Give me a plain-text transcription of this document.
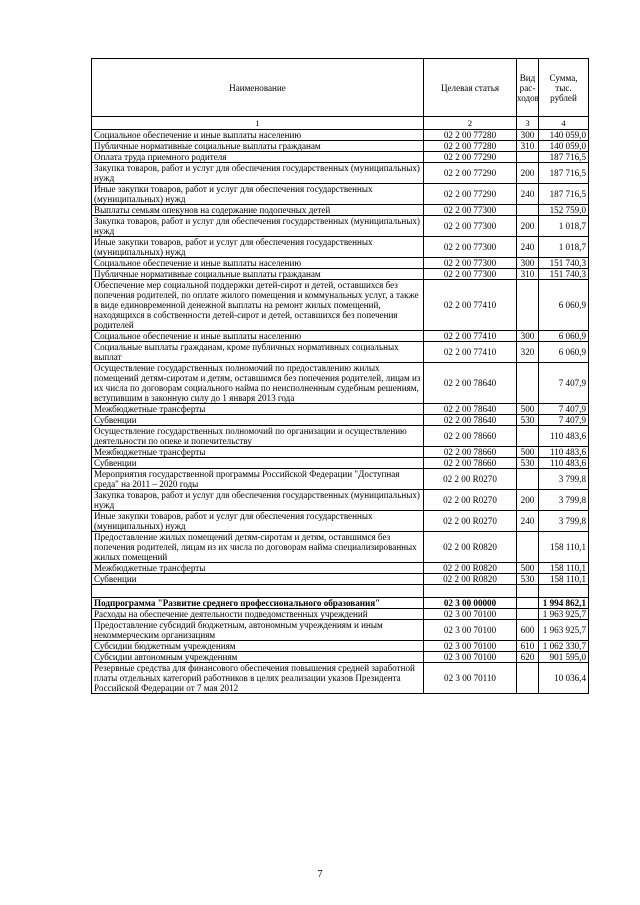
Наименование	Целевая статья	Вид рас-ходов	Сумма, тыс. рублей
1	2	3	4
Социальное обеспечение и иные выплаты населению	02 2 00 77280	300	140 059,0
Публичные нормативные социальные выплаты гражданам	02 2 00 77280	310	140 059,0
Оплата труда приемного родителя	02 2 00 77290		187 716,5
Закупка товаров, работ и услуг для обеспечения государственных (муниципальных) нужд	02 2 00 77290	200	187 716,5
Иные закупки товаров, работ и услуг для обеспечения государственных (муниципальных) нужд	02 2 00 77290	240	187 716,5
Выплаты семьям опекунов на содержание подопечных детей	02 2 00 77300		152 759,0
Закупка товаров, работ и услуг для обеспечения государственных (муниципальных) нужд	02 2 00 77300	200	1 018,7
Иные закупки товаров, работ и услуг для обеспечения государственных (муниципальных) нужд	02 2 00 77300	240	1 018,7
Социальное обеспечение и иные выплаты населению	02 2 00 77300	300	151 740,3
Публичные нормативные социальные выплаты гражданам	02 2 00 77300	310	151 740,3
Обеспечение мер социальной поддержки детей-сирот и детей, оставшихся без попечения родителей, по оплате жилого помещения и коммунальных услуг, а также в виде единовременной денежной выплаты на ремонт жилых помещений, находящихся в собственности детей-сирот и детей, оставшихся без попечения родителей	02 2 00 77410		6 060,9
Социальное обеспечение и иные выплаты населению	02 2 00 77410	300	6 060,9
Социальные выплаты гражданам, кроме публичных нормативных социальных выплат	02 2 00 77410	320	6 060,9
Осуществление государственных полномочий по предоставлению жилых помещений детям-сиротам и детям, оставшимся без попечения родителей, лицам из их числа по договорам социального найма по неисполненным судебным решениям, вступившим в законную силу до 1 января 2013 года	02 2 00 78640		7 407,9
Межбюджетные трансферты	02 2 00 78640	500	7 407,9
Субвенции	02 2 00 78640	530	7 407,9
Осуществление государственных полномочий по организации и осуществлению деятельности по опеке и попечительству	02 2 00 78660		110 483,6
Межбюджетные трансферты	02 2 00 78660	500	110 483,6
Субвенции	02 2 00 78660	530	110 483,6
Мероприятия государственной программы Российской Федерации "Доступная среда" на 2011 – 2020 годы	02 2 00 R0270		3 799,8
Закупка товаров, работ и услуг для обеспечения государственных (муниципальных) нужд	02 2 00 R0270	200	3 799,8
Иные закупки товаров, работ и услуг для обеспечения государственных (муниципальных) нужд	02 2 00 R0270	240	3 799,8
Предоставление жилых помещений детям-сиротам и детям, оставшимся без попечения родителей, лицам из их числа по договорам найма специализированных жилых помещений	02 2 00 R0820		158 110,1
Межбюджетные трансферты	02 2 00 R0820	500	158 110,1
Субвенции	02 2 00 R0820	530	158 110,1

Подпрограмма "Развитие среднего профессионального образования"	02 3 00 00000		1 994 862,1
Расходы на обеспечение деятельности подведомственных учреждений	02 3 00 70100		1 963 925,7
Предоставление субсидий бюджетным, автономным учреждениям и иным некоммерческим организациям	02 3 00 70100	600	1 963 925,7
Субсидии бюджетным учреждениям	02 3 00 70100	610	1 062 330,7
Субсидии автономным учреждениям	02 3 00 70100	620	901 595,0
Резервные средства для финансового обеспечения повышения средней заработной платы отдельных категорий работников в целях реализации указов Президента Российской Федерации от 7 мая 2012	02 3 00 70110		10 036,4
7
